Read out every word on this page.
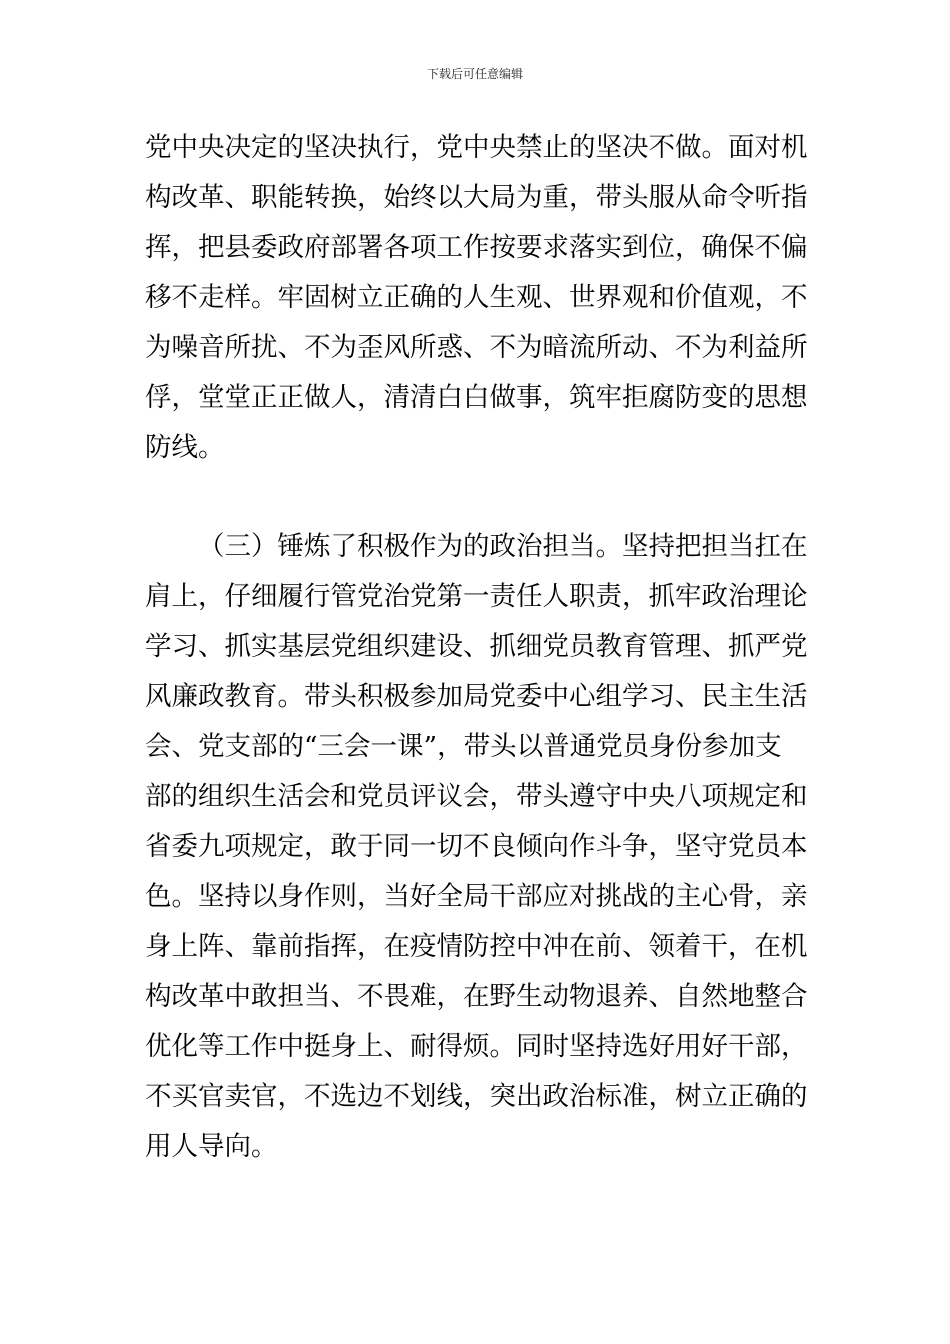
下载后可任意编辑
党中央决定的坚决执行，党中央禁止的坚决不做。面对机
构改革、职能转换，始终以大局为重，带头服从命令听指
挥，把县委政府部署各项工作按要求落实到位，确保不偏
移不走样。牢固树立正确的人生观、世界观和价值观，不
为噪音所扰、不为歪风所惑、不为暗流所动、不为利益所
俘，堂堂正正做人，清清白白做事，筑牢拒腐防变的思想
防线。
（三）锤炼了积极作为的政治担当。坚持把担当扛在
肩上，仔细履行管党治党第一责任人职责，抓牢政治理论
学习、抓实基层党组织建设、抓细党员教育管理、抓严党
风廉政教育。带头积极参加局党委中心组学习、民主生活
会、党支部的“三会一课”，带头以普通党员身份参加支
部的组织生活会和党员评议会，带头遵守中央八项规定和
省委九项规定，敢于同一切不良倾向作斗争，坚守党员本
色。坚持以身作则，当好全局干部应对挑战的主心骨，亲
身上阵、靠前指挥，在疫情防控中冲在前、领着干，在机
构改革中敢担当、不畏难，在野生动物退养、自然地整合
优化等工作中挺身上、耐得烦。同时坚持选好用好干部，
不买官卖官，不选边不划线，突出政治标准，树立正确的
用人导向。
